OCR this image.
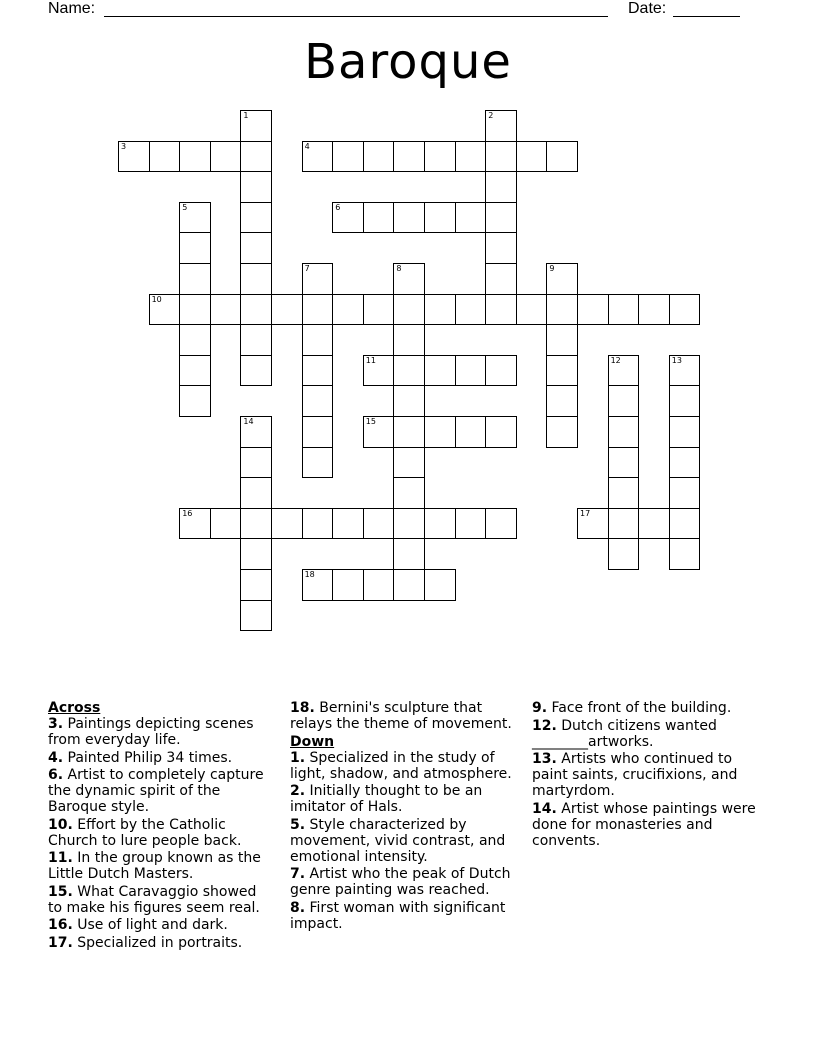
Name:	Date:
Baroque
1	2
3	4
5	6
7	8	9
10
11	12	13
14	15
16	17
18
Across
3. Paintings depicting scenes from everyday life.
4. Painted Philip 34 times.
6. Artist to completely capture the dynamic spirit of the Baroque style.
10. Effort by the Catholic Church to lure people back.
11. In the group known as the Little Dutch Masters.
15. What Caravaggio showed to make his figures seem real.
16. Use of light and dark.
17. Specialized in portraits.
18. Bernini's sculpture that relays the theme of movement.
Down
1. Specialized in the study of light, shadow, and atmosphere.
2. Initially thought to be an imitator of Hals.
5. Style characterized by movement, vivid contrast, and emotional intensity.
7. Artist who the peak of Dutch genre painting was reached.
8. First woman with significant impact.
9. Face front of the building.
12. Dutch citizens wanted ________artworks.
13. Artists who continued to paint saints, crucifixions, and martyrdom.
14. Artist whose paintings were done for monasteries and convents.
